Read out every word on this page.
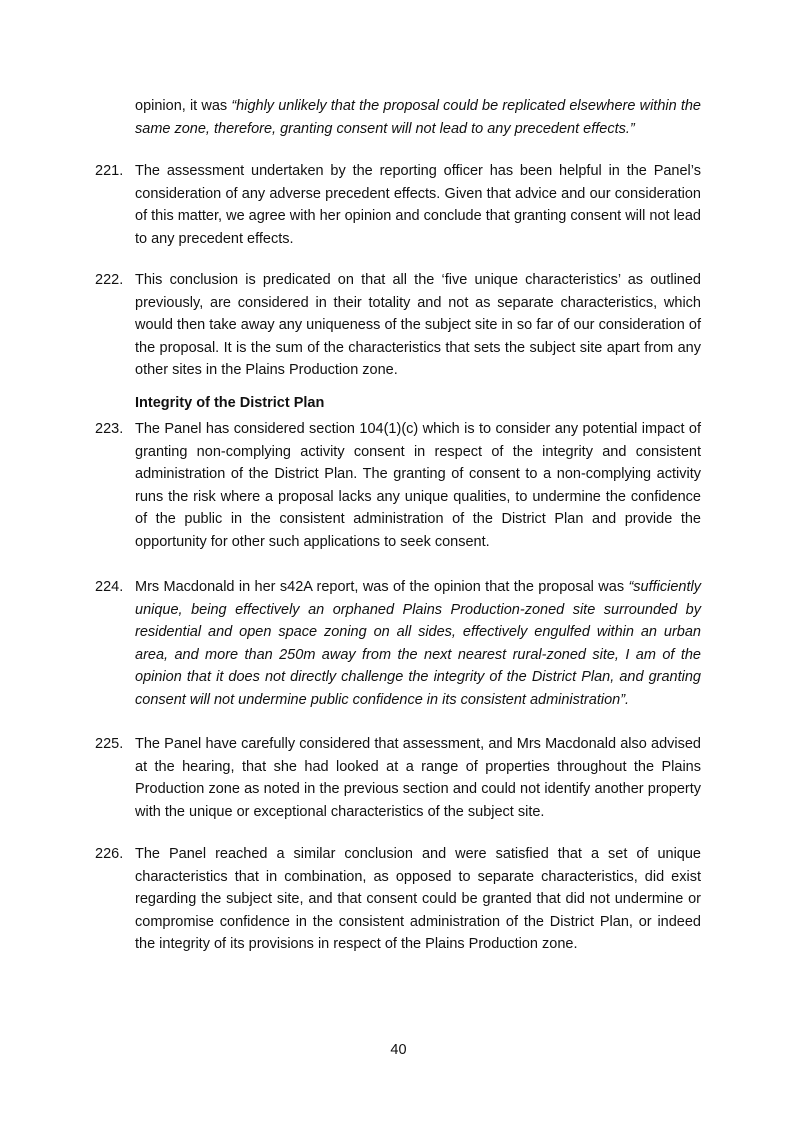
opinion, it was “highly unlikely that the proposal could be replicated elsewhere within the same zone, therefore, granting consent will not lead to any precedent effects.”

221. The assessment undertaken by the reporting officer has been helpful in the Panel’s consideration of any adverse precedent effects. Given that advice and our consideration of this matter, we agree with her opinion and conclude that granting consent will not lead to any precedent effects.

222. This conclusion is predicated on that all the ‘five unique characteristics’ as outlined previously, are considered in their totality and not as separate characteristics, which would then take away any uniqueness of the subject site in so far of our consideration of the proposal. It is the sum of the characteristics that sets the subject site apart from any other sites in the Plains Production zone.

Integrity of the District Plan

223. The Panel has considered section 104(1)(c) which is to consider any potential impact of granting non-complying activity consent in respect of the integrity and consistent administration of the District Plan. The granting of consent to a non-complying activity runs the risk where a proposal lacks any unique qualities, to undermine the confidence of the public in the consistent administration of the District Plan and provide the opportunity for other such applications to seek consent.

224. Mrs Macdonald in her s42A report, was of the opinion that the proposal was “sufficiently unique, being effectively an orphaned Plains Production-zoned site surrounded by residential and open space zoning on all sides, effectively engulfed within an urban area, and more than 250m away from the next nearest rural-zoned site, I am of the opinion that it does not directly challenge the integrity of the District Plan, and granting consent will not undermine public confidence in its consistent administration”.

225. The Panel have carefully considered that assessment, and Mrs Macdonald also advised at the hearing, that she had looked at a range of properties throughout the Plains Production zone as noted in the previous section and could not identify another property with the unique or exceptional characteristics of the subject site.

226. The Panel reached a similar conclusion and were satisfied that a set of unique characteristics that in combination, as opposed to separate characteristics, did exist regarding the subject site, and that consent could be granted that did not undermine or compromise confidence in the consistent administration of the District Plan, or indeed the integrity of its provisions in respect of the Plains Production zone.

40
